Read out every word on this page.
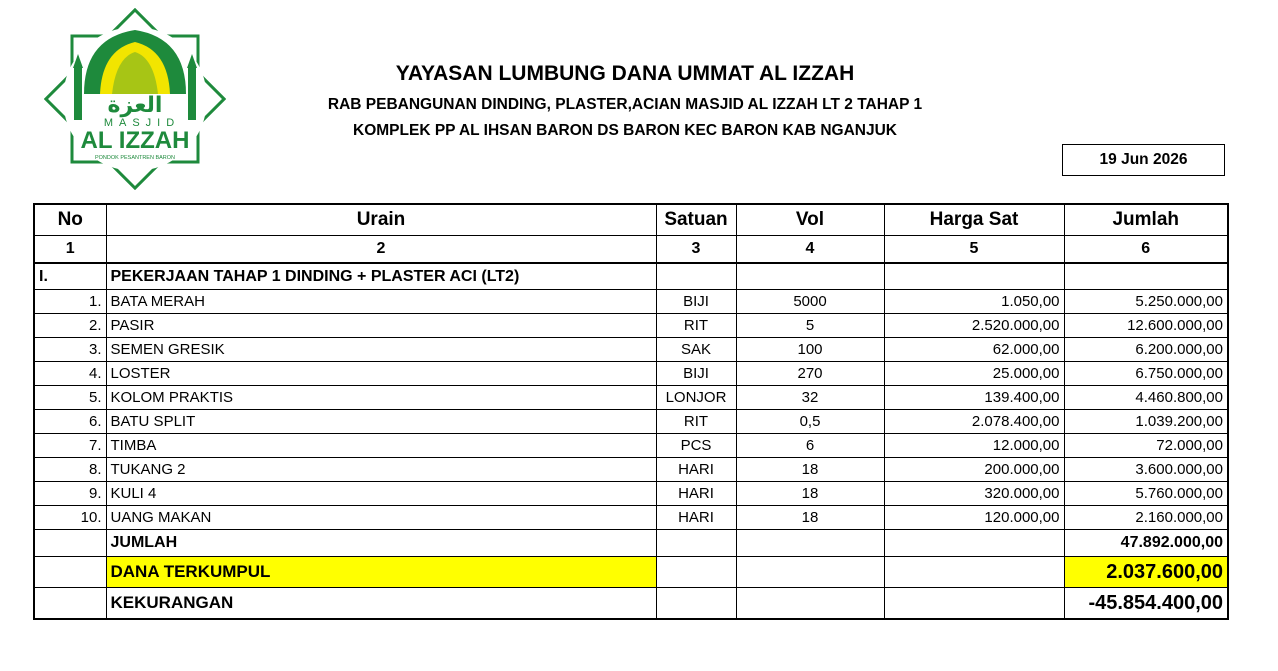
العزة
MASJID
AL IZZAH
PONDOK PESANTREN BARON
YAYASAN LUMBUNG DANA UMMAT AL IZZAH
RAB PEBANGUNAN DINDING, PLASTER,ACIAN MASJID AL IZZAH LT 2 TAHAP 1
KOMPLEK PP AL IHSAN BARON DS BARON KEC BARON KAB NGANJUK
19 Jun 2026
No	Urain	Satuan	Vol	Harga Sat	Jumlah
1	2	3	4	5	6
I.	PEKERJAAN TAHAP 1 DINDING + PLASTER ACI (LT2)				
1.	BATA MERAH	BIJI	5000	1.050,00	5.250.000,00
2.	PASIR	RIT	5	2.520.000,00	12.600.000,00
3.	SEMEN GRESIK	SAK	100	62.000,00	6.200.000,00
4.	LOSTER	BIJI	270	25.000,00	6.750.000,00
5.	KOLOM PRAKTIS	LONJOR	32	139.400,00	4.460.800,00
6.	BATU SPLIT	RIT	0,5	2.078.400,00	1.039.200,00
7.	TIMBA	PCS	6	12.000,00	72.000,00
8.	TUKANG 2	HARI	18	200.000,00	3.600.000,00
9.	KULI 4	HARI	18	320.000,00	5.760.000,00
10.	UANG MAKAN	HARI	18	120.000,00	2.160.000,00
	JUMLAH				47.892.000,00
	DANA TERKUMPUL				2.037.600,00
	KEKURANGAN				-45.854.400,00
